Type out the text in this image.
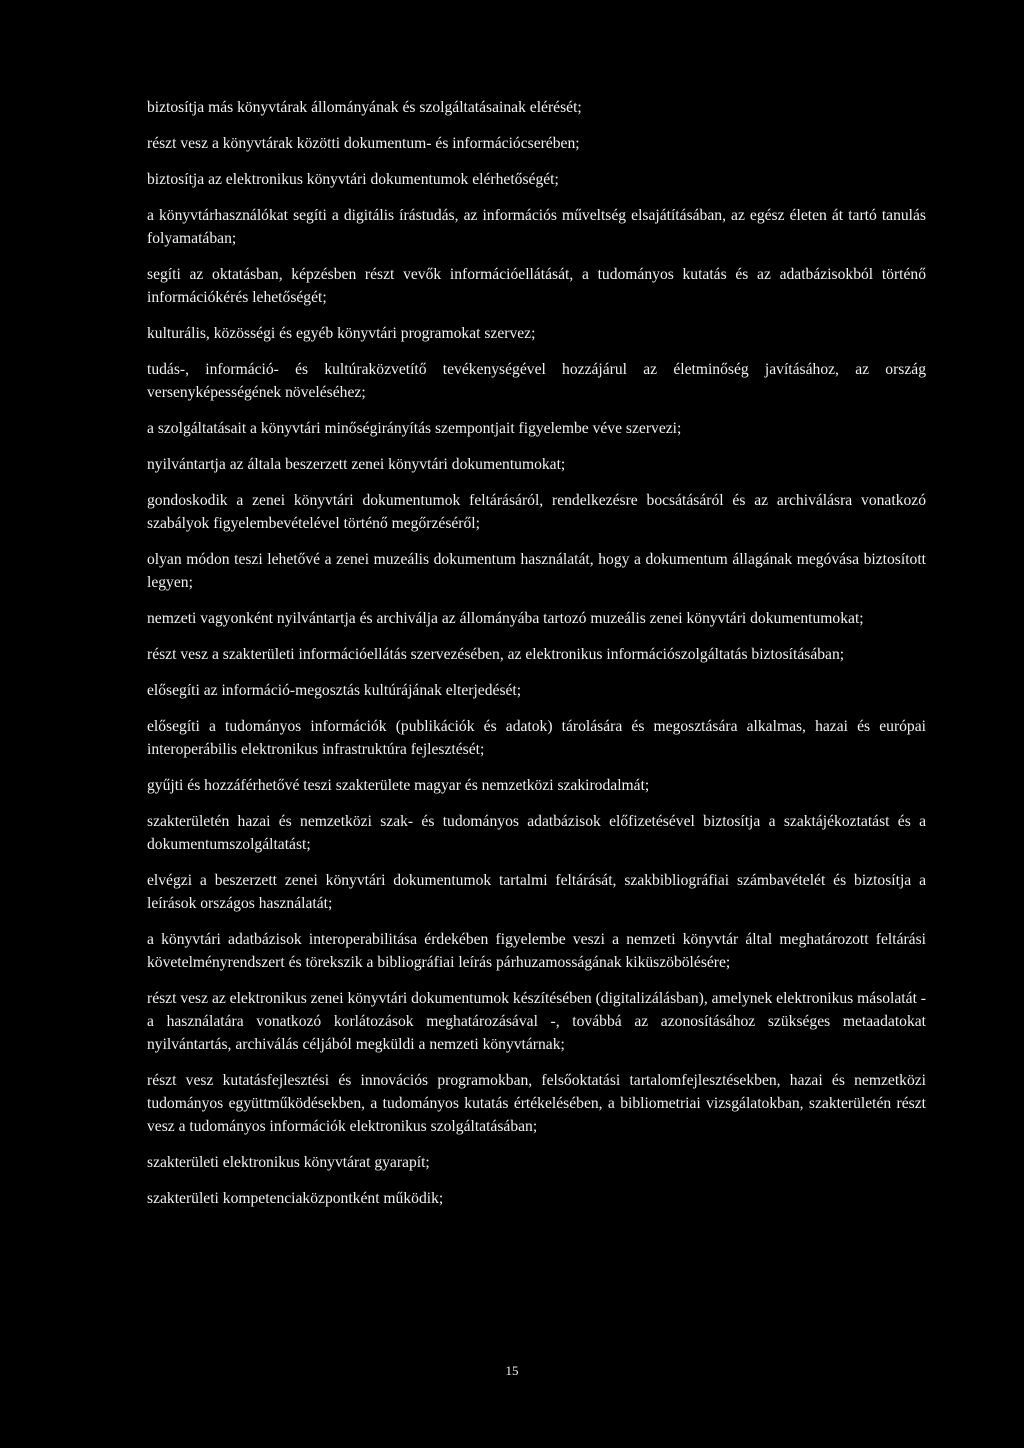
biztosítja más könyvtárak állományának és szolgáltatásainak elérését;

részt vesz a könyvtárak közötti dokumentum- és információcserében;

biztosítja az elektronikus könyvtári dokumentumok elérhetőségét;

a könyvtárhasználókat segíti a digitális írástudás, az információs műveltség elsajátításában, az egész életen át tartó tanulás folyamatában;

segíti az oktatásban, képzésben részt vevők információellátását, a tudományos kutatás és az adatbázisokból történő információkérés lehetőségét;

kulturális, közösségi és egyéb könyvtári programokat szervez;

tudás-, információ- és kultúraközvetítő tevékenységével hozzájárul az életminőség javításához, az ország versenyképességének növeléséhez;

a szolgáltatásait a könyvtári minőségirányítás szempontjait figyelembe véve szervezi;

nyilvántartja az általa beszerzett zenei könyvtári dokumentumokat;

gondoskodik a zenei könyvtári dokumentumok feltárásáról, rendelkezésre bocsátásáról és az archiválásra vonatkozó szabályok figyelembevételével történő megőrzéséről;

olyan módon teszi lehetővé a zenei muzeális dokumentum használatát, hogy a dokumentum állagának megóvása biztosított legyen;

nemzeti vagyonként nyilvántartja és archiválja az állományába tartozó muzeális zenei könyvtári dokumentumokat;

részt vesz a szakterületi információellátás szervezésében, az elektronikus információszolgáltatás biztosításában;

elősegíti az információ-megosztás kultúrájának elterjedését;

elősegíti a tudományos információk (publikációk és adatok) tárolására és megosztására alkalmas, hazai és európai interoperábilis elektronikus infrastruktúra fejlesztését;

gyűjti és hozzáférhetővé teszi szakterülete magyar és nemzetközi szakirodalmát;

szakterületén hazai és nemzetközi szak- és tudományos adatbázisok előfizetésével biztosítja a szaktájékoztatást és a dokumentumszolgáltatást;

elvégzi a beszerzett zenei könyvtári dokumentumok tartalmi feltárását, szakbibliográfiai számbavételét és biztosítja a leírások országos használatát;

a könyvtári adatbázisok interoperabilitása érdekében figyelembe veszi a nemzeti könyvtár által meghatározott feltárási követelményrendszert és törekszik a bibliográfiai leírás párhuzamosságának kiküszöbölésére;

részt vesz az elektronikus zenei könyvtári dokumentumok készítésében (digitalizálásban), amelynek elektronikus másolatát - a használatára vonatkozó korlátozások meghatározásával -, továbbá az azonosításához szükséges metaadatokat nyilvántartás, archiválás céljából megküldi a nemzeti könyvtárnak;

részt vesz kutatásfejlesztési és innovációs programokban, felsőoktatási tartalomfejlesztésekben, hazai és nemzetközi tudományos együttműködésekben, a tudományos kutatás értékelésében, a bibliometriai vizsgálatokban, szakterületén részt vesz a tudományos információk elektronikus szolgáltatásában;

szakterületi elektronikus könyvtárat gyarapít;

szakterületi kompetenciaközpontként működik;

15
